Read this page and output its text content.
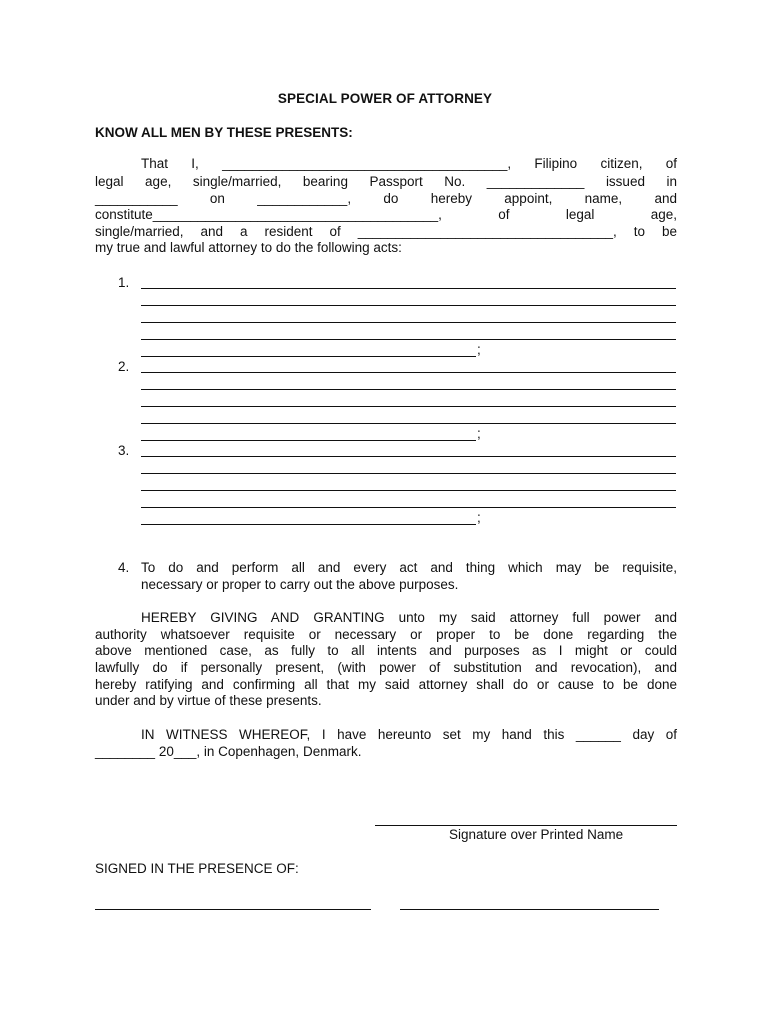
SPECIAL POWER OF ATTORNEY
KNOW ALL MEN BY THESE PRESENTS:
That I, ______________________________________, Filipino citizen, of
legal age, single/married, bearing Passport No. _____________ issued in
___________ on ____________, do hereby appoint, name, and
constitute______________________________________, of legal age,
single/married, and a resident of __________________________________, to be
my true and lawful attorney to do the following acts:
1.
;
2.
;
3.
;
4. To do and perform all and every act and thing which may be requisite,
necessary or proper to carry out the above purposes.
HEREBY GIVING AND GRANTING unto my said attorney full power and
authority whatsoever requisite or necessary or proper to be done regarding the
above mentioned case, as fully to all intents and purposes as I might or could
lawfully do if personally present, (with power of substitution and revocation), and
hereby ratifying and confirming all that my said attorney shall do or cause to be done
under and by virtue of these presents.
IN WITNESS WHEREOF, I have hereunto set my hand this ______ day of
________ 20___, in Copenhagen, Denmark.
Signature over Printed Name
SIGNED IN THE PRESENCE OF:
